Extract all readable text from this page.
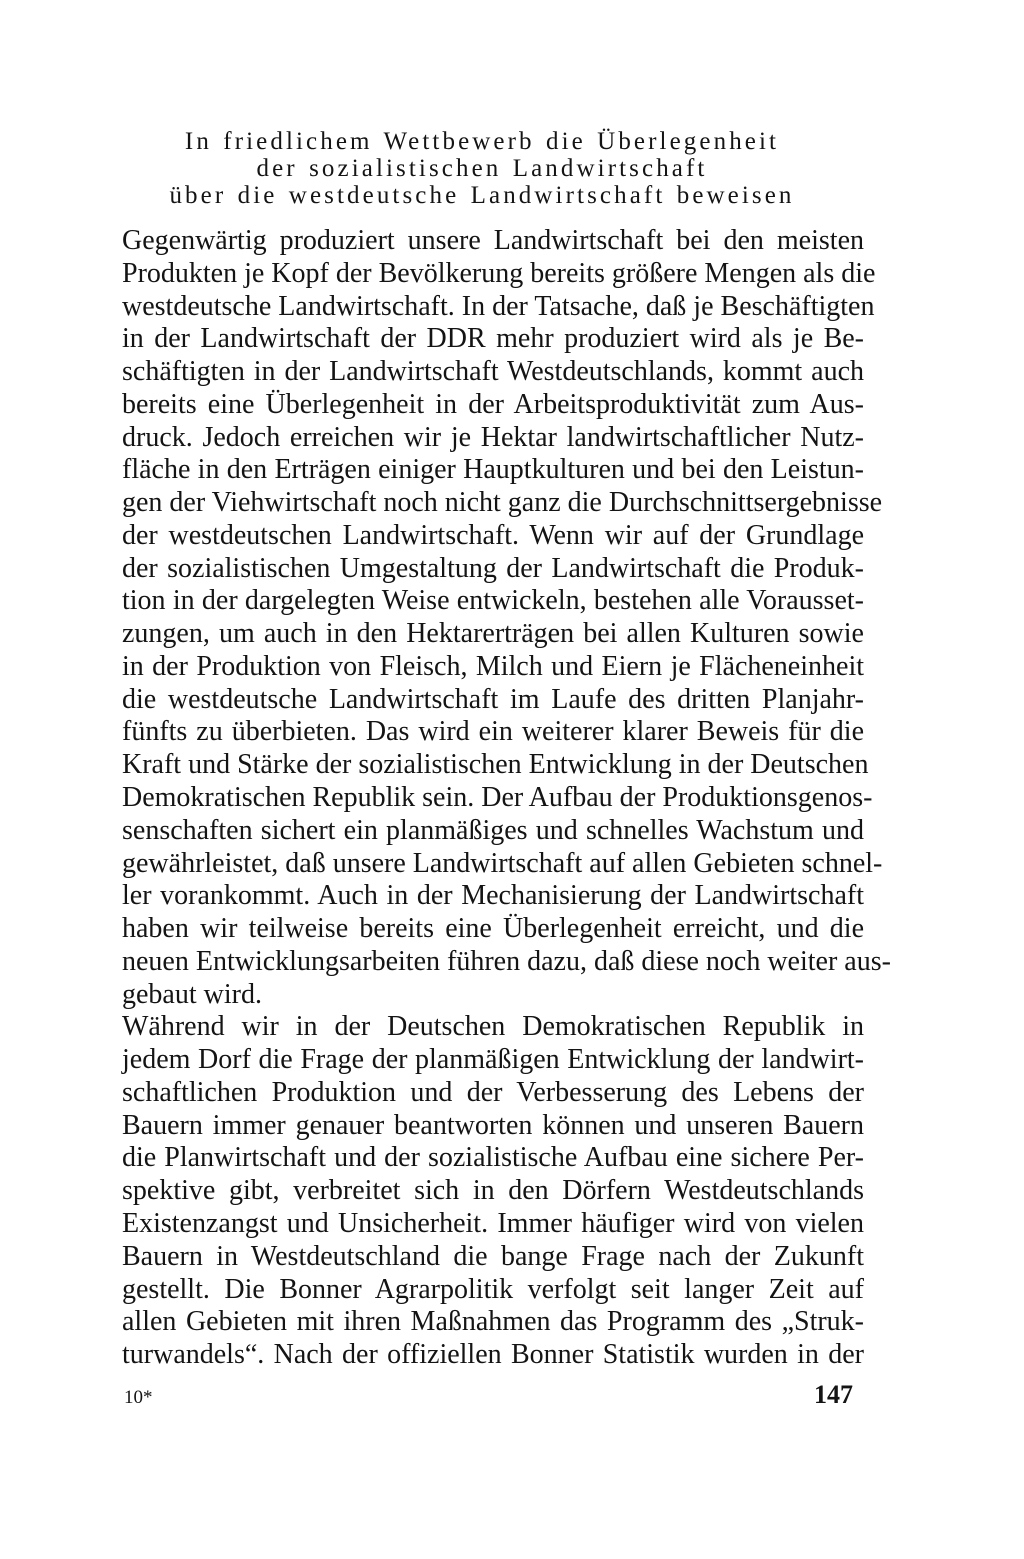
In friedlichem Wettbewerb die Überlegenheit
der sozialistischen Landwirtschaft
über die westdeutsche Landwirtschaft beweisen
Gegenwärtig produziert unsere Landwirtschaft bei den meisten
Produkten je Kopf der Bevölkerung bereits größere Mengen als die
westdeutsche Landwirtschaft. In der Tatsache, daß je Beschäftigten
in der Landwirtschaft der DDR mehr produziert wird als je Be-
schäftigten in der Landwirtschaft Westdeutschlands, kommt auch
bereits eine Überlegenheit in der Arbeitsproduktivität zum Aus-
druck. Jedoch erreichen wir je Hektar landwirtschaftlicher Nutz-
fläche in den Erträgen einiger Hauptkulturen und bei den Leistun-
gen der Viehwirtschaft noch nicht ganz die Durchschnittsergebnisse
der westdeutschen Landwirtschaft. Wenn wir auf der Grundlage
der sozialistischen Umgestaltung der Landwirtschaft die Produk-
tion in der dargelegten Weise entwickeln, bestehen alle Vorausset-
zungen, um auch in den Hektarerträgen bei allen Kulturen sowie
in der Produktion von Fleisch, Milch und Eiern je Flächeneinheit
die westdeutsche Landwirtschaft im Laufe des dritten Planjahr-
fünfts zu überbieten. Das wird ein weiterer klarer Beweis für die
Kraft und Stärke der sozialistischen Entwicklung in der Deutschen
Demokratischen Republik sein. Der Aufbau der Produktionsgenos-
senschaften sichert ein planmäßiges und schnelles Wachstum und
gewährleistet, daß unsere Landwirtschaft auf allen Gebieten schnel-
ler vorankommt. Auch in der Mechanisierung der Landwirtschaft
haben wir teilweise bereits eine Überlegenheit erreicht, und die
neuen Entwicklungsarbeiten führen dazu, daß diese noch weiter aus-
gebaut wird.
Während wir in der Deutschen Demokratischen Republik in
jedem Dorf die Frage der planmäßigen Entwicklung der landwirt-
schaftlichen Produktion und der Verbesserung des Lebens der
Bauern immer genauer beantworten können und unseren Bauern
die Planwirtschaft und der sozialistische Aufbau eine sichere Per-
spektive gibt, verbreitet sich in den Dörfern Westdeutschlands
Existenzangst und Unsicherheit. Immer häufiger wird von vielen
Bauern in Westdeutschland die bange Frage nach der Zukunft
gestellt. Die Bonner Agrarpolitik verfolgt seit langer Zeit auf
allen Gebieten mit ihren Maßnahmen das Programm des „Struk-
turwandels“. Nach der offiziellen Bonner Statistik wurden in der
10*	147
